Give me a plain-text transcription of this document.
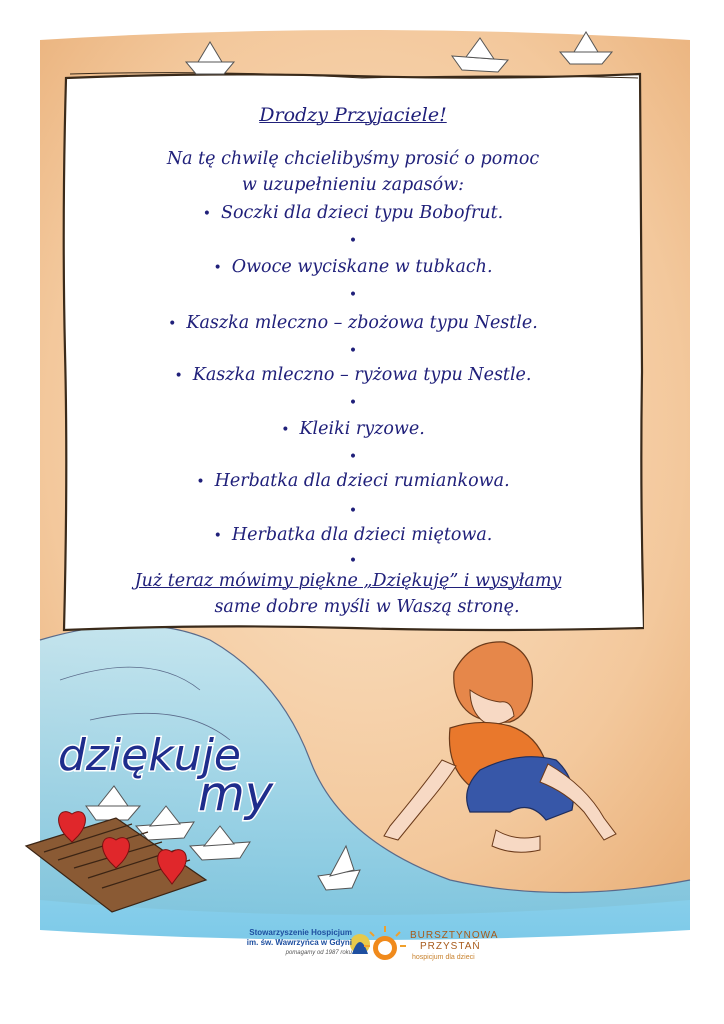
Drodzy Przyjaciele!
Na tę chwilę chcielibyśmy prosić o pomoc
w uzupełnieniu zapasów:
• Soczki dla dzieci typu Bobofrut.
•
• Owoce wyciskane w tubkach.
•
• Kaszka mleczno – zbożowa typu Nestle.
•
• Kaszka mleczno – ryżowa typu Nestle.
•
• Kleiki ryzowe.
•
• Herbatka dla dzieci rumiankowa.
•
• Herbatka dla dzieci miętowa.
•
Już teraz mówimy piękne „Dziękuję” i wysyłamy
same dobre myśli w Waszą stronę.
dziękuje
my
Stowarzyszenie Hospicjum
im. św. Wawrzyńca w Gdyni
pomagamy od 1987 roku
BURSZTYNOWA
PRZYSTAŃ
hospicjum dla dzieci
